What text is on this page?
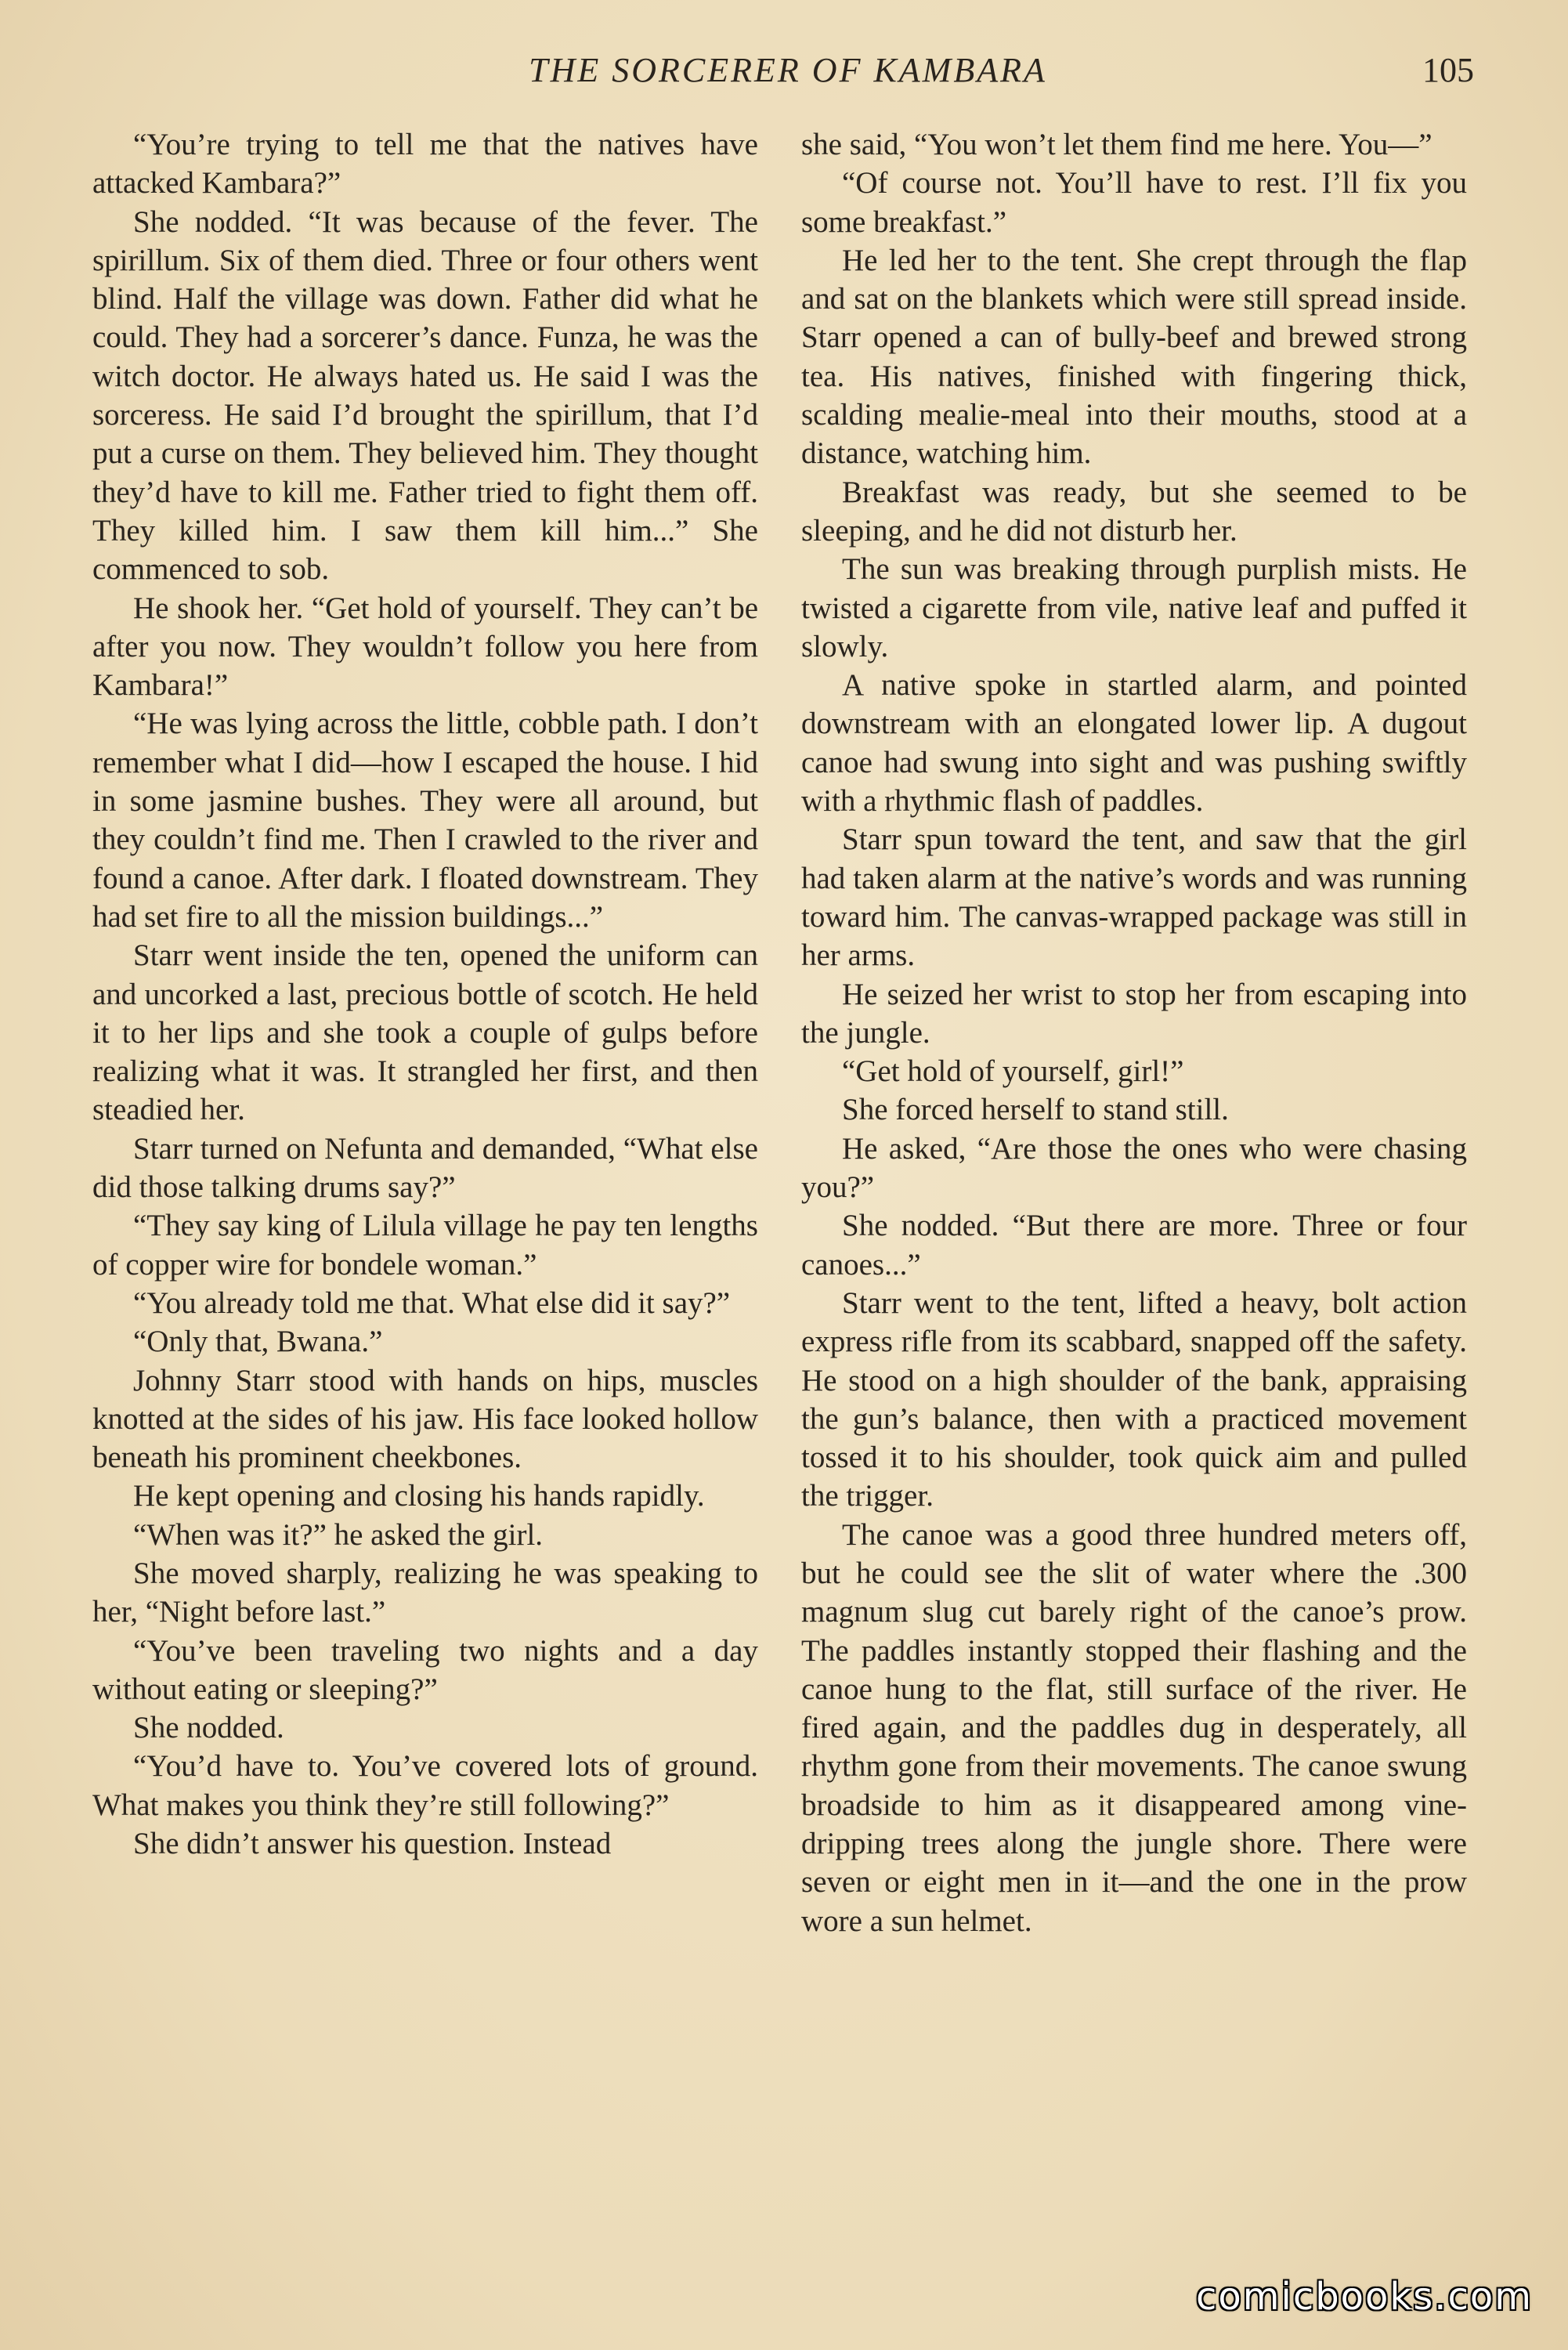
THE SORCERER OF KAMBARA	105

“You’re trying to tell me that the natives have attacked Kambara?”

She nodded. “It was because of the fever. The spirillum. Six of them died. Three or four others went blind. Half the village was down. Father did what he could. They had a sorcerer’s dance. Funza, he was the witch doctor. He always hated us. He said I was the sorceress. He said I’d brought the spirillum, that I’d put a curse on them. They believed him. They thought they’d have to kill me. Father tried to fight them off. They killed him. I saw them kill him...” She commenced to sob.

He shook her. “Get hold of yourself. They can’t be after you now. They wouldn’t follow you here from Kambara!”

“He was lying across the little, cobble path. I don’t remember what I did—how I escaped the house. I hid in some jasmine bushes. They were all around, but they couldn’t find me. Then I crawled to the river and found a canoe. After dark. I floated downstream. They had set fire to all the mission buildings...”

Starr went inside the ten, opened the uniform can and uncorked a last, precious bottle of scotch. He held it to her lips and she took a couple of gulps before realizing what it was. It strangled her first, and then steadied her.

Starr turned on Nefunta and demanded, “What else did those talking drums say?”

“They say king of Lilula village he pay ten lengths of copper wire for bondele woman.”

“You already told me that. What else did it say?”

“Only that, Bwana.”

Johnny Starr stood with hands on hips, muscles knotted at the sides of his jaw. His face looked hollow beneath his prominent cheekbones.

He kept opening and closing his hands rapidly.

“When was it?” he asked the girl.

She moved sharply, realizing he was speaking to her, “Night before last.”

“You’ve been traveling two nights and a day without eating or sleeping?”

She nodded.

“You’d have to. You’ve covered lots of ground. What makes you think they’re still following?”

She didn’t answer his question. Instead

she said, “You won’t let them find me here. You—”

“Of course not. You’ll have to rest. I’ll fix you some breakfast.”

He led her to the tent. She crept through the flap and sat on the blankets which were still spread inside. Starr opened a can of bully-beef and brewed strong tea. His natives, finished with fingering thick, scalding mealie-meal into their mouths, stood at a distance, watching him.

Breakfast was ready, but she seemed to be sleeping, and he did not disturb her.

The sun was breaking through purplish mists. He twisted a cigarette from vile, native leaf and puffed it slowly.

A native spoke in startled alarm, and pointed downstream with an elongated lower lip. A dugout canoe had swung into sight and was pushing swiftly with a rhythmic flash of paddles.

Starr spun toward the tent, and saw that the girl had taken alarm at the native’s words and was running toward him. The canvas-wrapped package was still in her arms.

He seized her wrist to stop her from escaping into the jungle.

“Get hold of yourself, girl!”

She forced herself to stand still.

He asked, “Are those the ones who were chasing you?”

She nodded. “But there are more. Three or four canoes...”

Starr went to the tent, lifted a heavy, bolt action express rifle from its scabbard, snapped off the safety. He stood on a high shoulder of the bank, appraising the gun’s balance, then with a practiced movement tossed it to his shoulder, took quick aim and pulled the trigger.

The canoe was a good three hundred meters off, but he could see the slit of water where the .300 magnum slug cut barely right of the canoe’s prow. The paddles instantly stopped their flashing and the canoe hung to the flat, still surface of the river. He fired again, and the paddles dug in desperately, all rhythm gone from their movements. The canoe swung broadside to him as it disappeared among vine-dripping trees along the jungle shore. There were seven or eight men in it—and the one in the prow wore a sun helmet.

comicbooks.com
